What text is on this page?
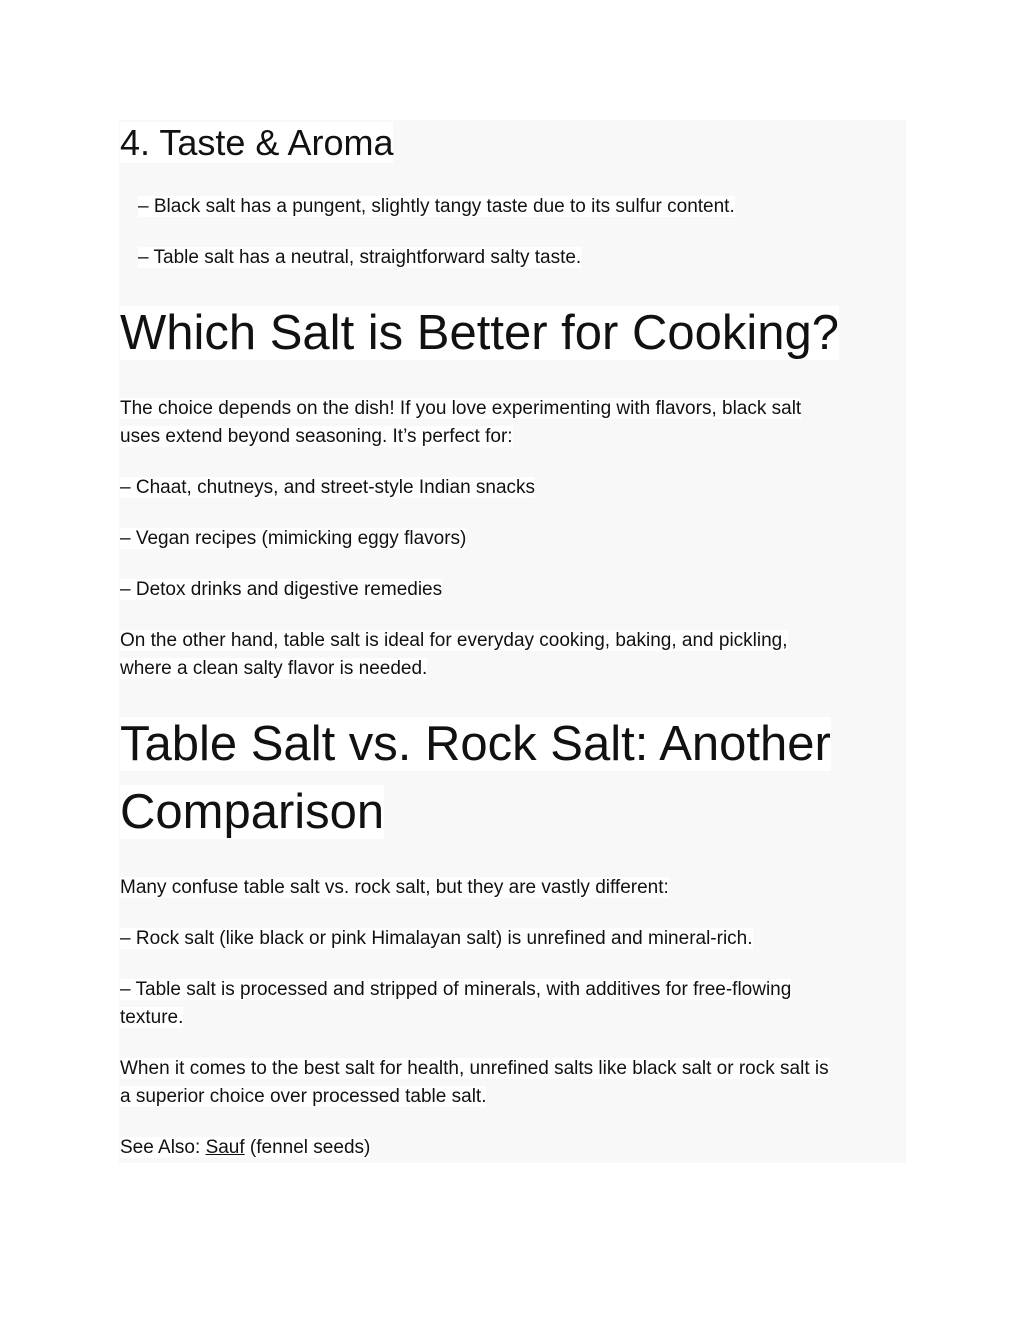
4. Taste & Aroma
– Black salt has a pungent, slightly tangy taste due to its sulfur content.
– Table salt has a neutral, straightforward salty taste.
Which Salt is Better for Cooking?
The choice depends on the dish! If you love experimenting with flavors, black salt
uses extend beyond seasoning. It’s perfect for:
– Chaat, chutneys, and street-style Indian snacks
– Vegan recipes (mimicking eggy flavors)
– Detox drinks and digestive remedies
On the other hand, table salt is ideal for everyday cooking, baking, and pickling,
where a clean salty flavor is needed.
Table Salt vs. Rock Salt: Another
Comparison
Many confuse table salt vs. rock salt, but they are vastly different:
– Rock salt (like black or pink Himalayan salt) is unrefined and mineral-rich.
– Table salt is processed and stripped of minerals, with additives for free-flowing
texture.
When it comes to the best salt for health, unrefined salts like black salt or rock salt is
a superior choice over processed table salt.
See Also: Sauf (fennel seeds)
